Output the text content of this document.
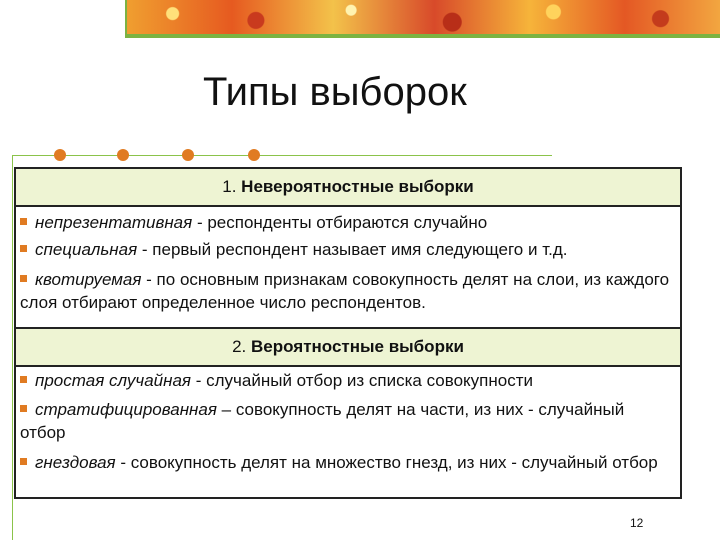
Типы выборок
1. Невероятностные выборки
непрезентативная - респонденты отбираются случайно
специальная - первый респондент называет имя следующего и т.д.
квотируемая - по основным признакам совокупность делят на слои, из каждого слоя отбирают определенное число респондентов.
2. Вероятностные выборки
простая случайная - случайный отбор из списка совокупности
стратифицированная – совокупность делят на части, из них - случайный отбор
гнездовая - совокупность делят на множество гнезд, из них - случайный отбор
12
